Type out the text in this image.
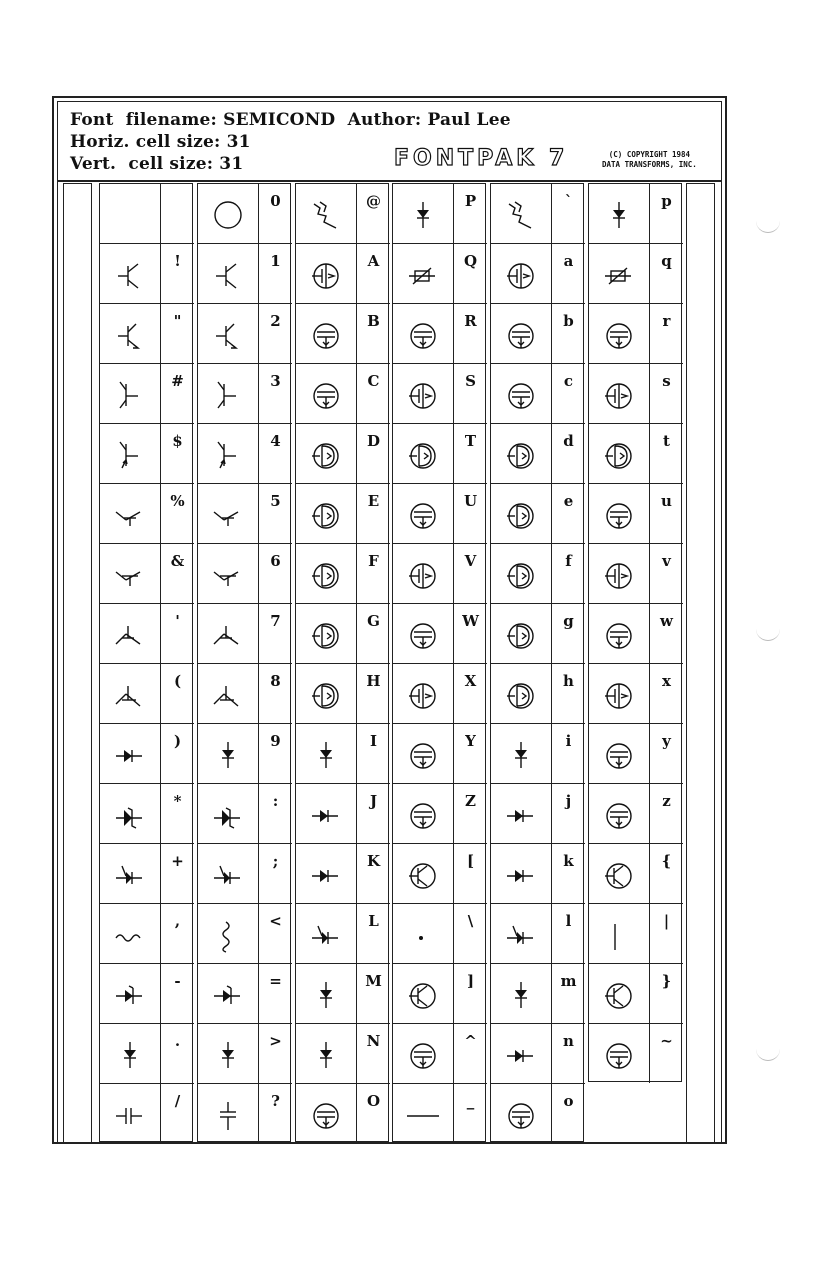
Font  filename: SEMICOND  Author: Paul Lee
Horiz. cell size: 31
Vert.  cell size: 31	FONTPAK 7	(C) COPYRIGHT 1984
DATA TRANSFORMS, INC.
!
"
#
$
%
&
'
(
)
*
+
,
-
.
/
0
1
2
3
4
5
6
7
8
9
:
;
<
=
>
?
@
A
B
C
D
E
F
G
H
I
J
K
L
M
N
O
P
Q
R
S
T
U
V
W
X
Y
Z
[
\
]
^
_
`
a
b
c
d
e
f
g
h
i
j
k
l
m
n
o
p
q
r
s
t
u
v
w
x
y
z
{
|
}
~
